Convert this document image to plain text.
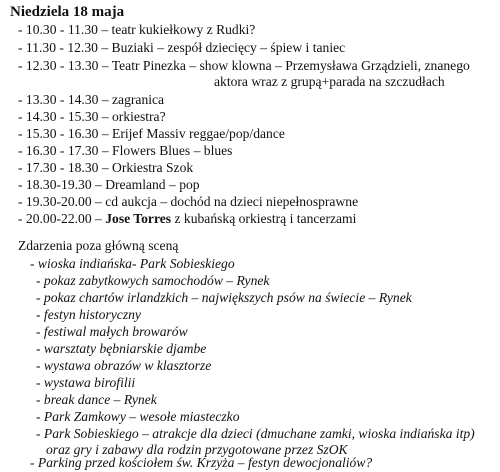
Niedziela 18 maja
- 10.30 - 11.30 – teatr kukiełkowy z Rudki?
- 11.30 - 12.30 – Buziaki – zespół dziecięcy – śpiew i taniec
- 12.30 - 13.30 – Teatr Pinezka – show klowna – Przemysława Grządzieli, znanego
aktora wraz z grupą+parada na szczudłach
- 13.30 - 14.30 – zagranica
- 14.30 - 15.30 – orkiestra?
- 15.30 - 16.30 – Erijef Massiv reggae/pop/dance
- 16.30 - 17.30 – Flowers Blues – blues
- 17.30 - 18.30 – Orkiestra Szok
- 18.30-19.30 – Dreamland – pop
- 19.30-20.00 – cd aukcja – dochód na dzieci niepełnosprawne
- 20.00-22.00 – Jose Torres z kubańską orkiestrą i tancerzami
Zdarzenia poza główną sceną
- wioska indiańska- Park Sobieskiego
- pokaz zabytkowych samochodów – Rynek
- pokaz chartów irlandzkich – największych psów na świecie – Rynek
- festyn historyczny
- festiwal małych browarów
- warsztaty bębniarskie djambe
- wystawa obrazów w klasztorze
- wystawa birofilii
- break dance – Rynek
- Park Zamkowy – wesołe miasteczko
- Park Sobieskiego – atrakcje dla dzieci (dmuchane zamki, wioska indiańska itp)
oraz gry i zabawy dla rodzin przygotowane przez SzOK
- Parking przed kościołem św. Krzyża – festyn dewocjonaliów?
